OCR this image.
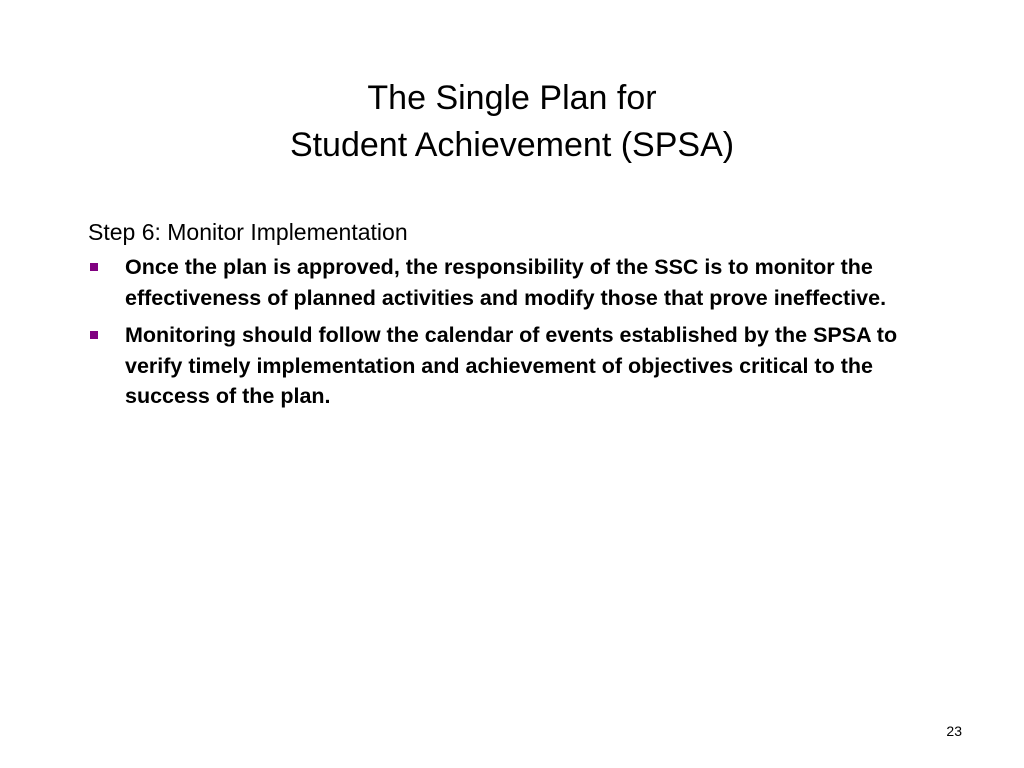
The Single Plan for
Student Achievement (SPSA)

Step 6: Monitor Implementation

Once the plan is approved, the responsibility of the SSC is to monitor the effectiveness of planned activities and modify those that prove ineffective.
Monitoring should follow the calendar of events established by the SPSA to verify timely implementation and achievement of objectives critical to the success of the plan.
23
